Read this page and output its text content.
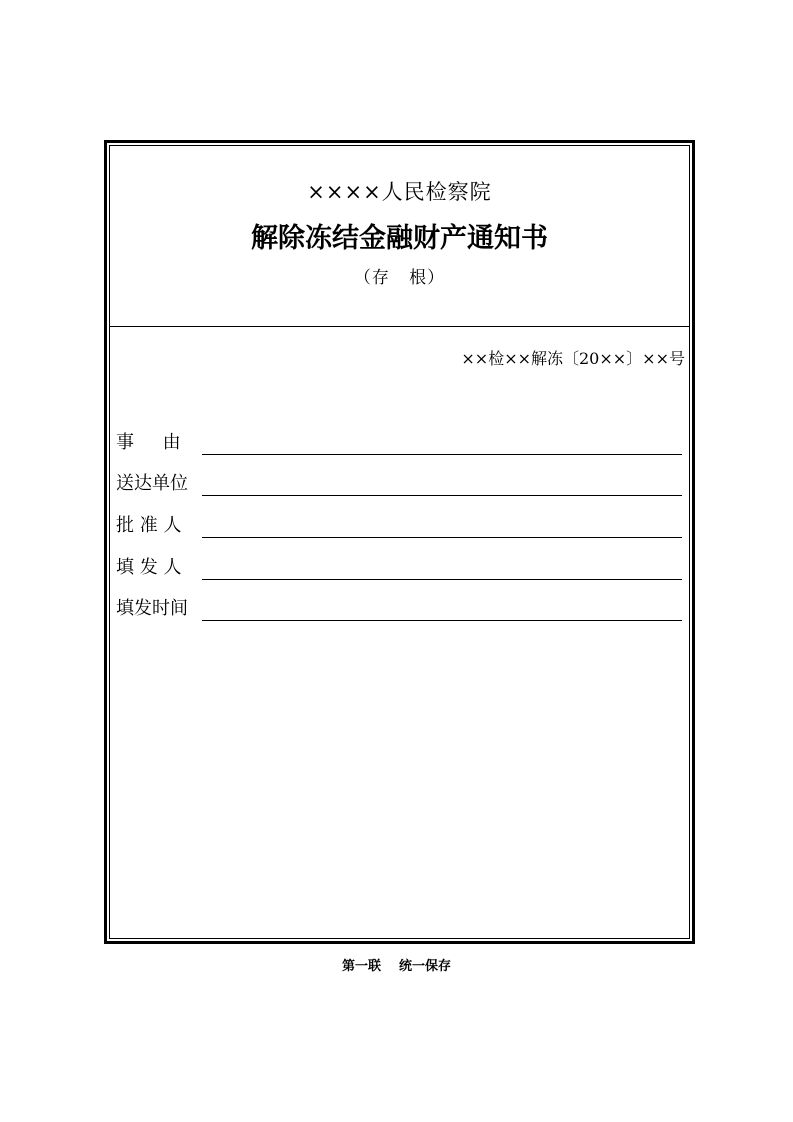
××××人民检察院
解除冻结金融财产通知书
（存   根）
××检××解冻〔20××〕××号
事     由
送达单位
批 准 人
填 发 人
填发时间
第一联    统一保存
